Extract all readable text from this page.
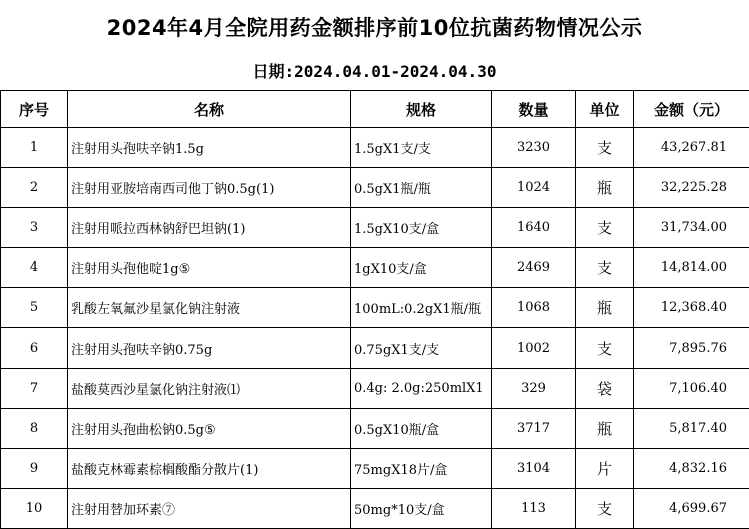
2024年4月全院用药金额排序前10位抗菌药物情况公示
日期:2024.04.01-2024.04.30
序号	名称	规格	数量	单位	金额（元）
1	注射用头孢呋辛钠1.5g	1.5gX1支/支	3230	支	43,267.81
2	注射用亚胺培南西司他丁钠0.5g(1)	0.5gX1瓶/瓶	1024	瓶	32,225.28
3	注射用哌拉西林钠舒巴坦钠(1)	1.5gX10支/盒	1640	支	31,734.00
4	注射用头孢他啶1g⑤	1gX10支/盒	2469	支	14,814.00
5	乳酸左氧氟沙星氯化钠注射液	100mL:0.2gX1瓶/瓶	1068	瓶	12,368.40
6	注射用头孢呋辛钠0.75g	0.75gX1支/支	1002	支	7,895.76
7	盐酸莫西沙星氯化钠注射液⑴	0.4g: 2.0g:250mlX1	329	袋	7,106.40
8	注射用头孢曲松钠0.5g⑤	0.5gX10瓶/盒	3717	瓶	5,817.40
9	盐酸克林霉素棕榈酸酯分散片(1)	75mgX18片/盒	3104	片	4,832.16
10	注射用替加环素⑦	50mg*10支/盒	113	支	4,699.67
